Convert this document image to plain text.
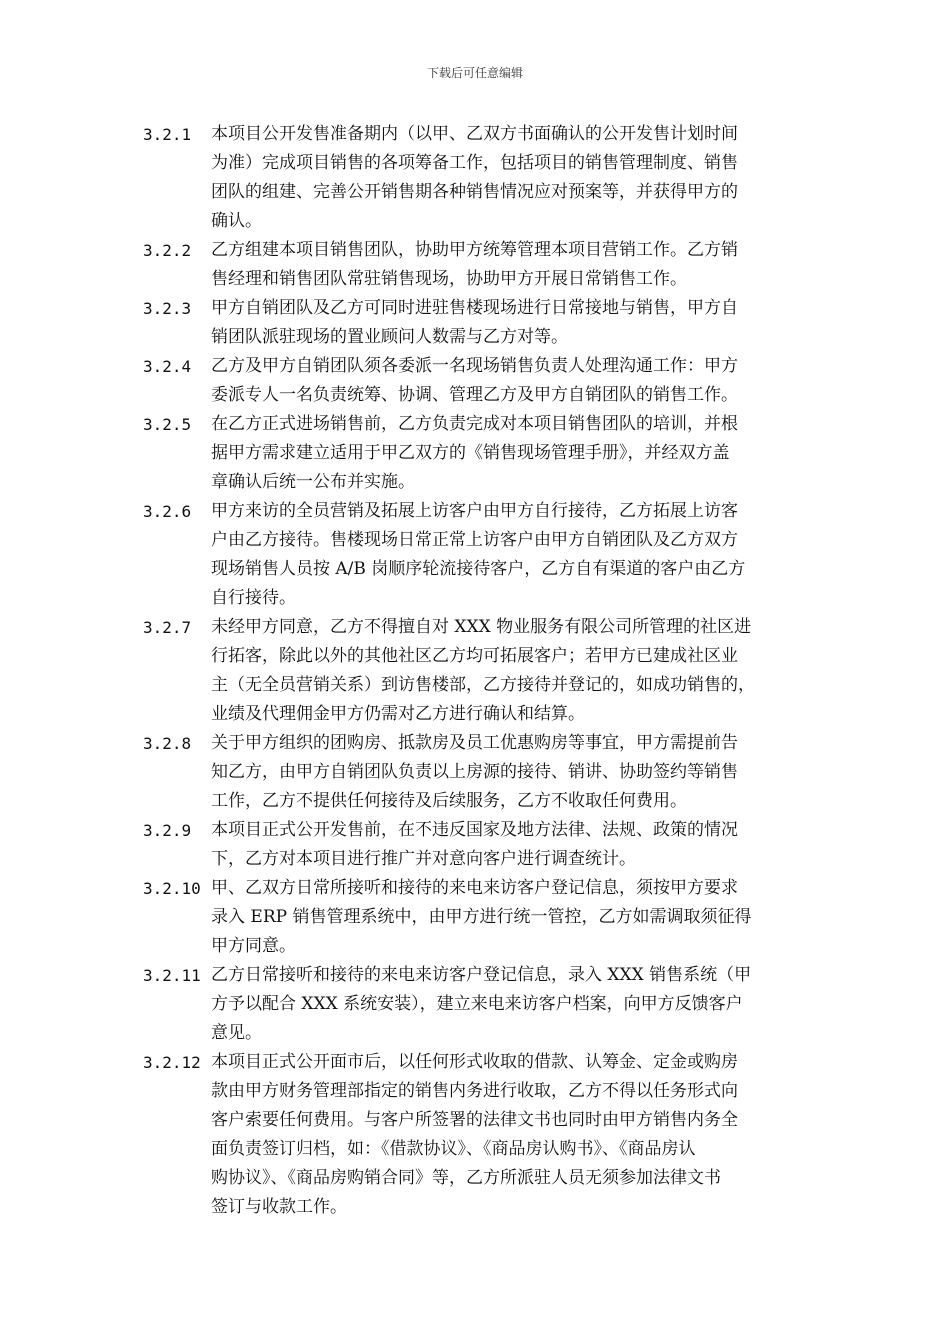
下载后可任意编辑
3.2.1	本项目公开发售准备期内（以甲、乙双方书面确认的公开发售计划时间
为准）完成项目销售的各项筹备工作，包括项目的销售管理制度、销售
团队的组建、完善公开销售期各种销售情况应对预案等，并获得甲方的
确认。
3.2.2	乙方组建本项目销售团队，协助甲方统筹管理本项目营销工作。乙方销
售经理和销售团队常驻销售现场，协助甲方开展日常销售工作。
3.2.3	甲方自销团队及乙方可同时进驻售楼现场进行日常接地与销售，甲方自
销团队派驻现场的置业顾问人数需与乙方对等。
3.2.4	乙方及甲方自销团队须各委派一名现场销售负责人处理沟通工作：甲方
委派专人一名负责统筹、协调、管理乙方及甲方自销团队的销售工作。
3.2.5	在乙方正式进场销售前，乙方负责完成对本项目销售团队的培训，并根
据甲方需求建立适用于甲乙双方的《销售现场管理手册》，并经双方盖
章确认后统一公布并实施。
3.2.6	甲方来访的全员营销及拓展上访客户由甲方自行接待，乙方拓展上访客
户由乙方接待。售楼现场日常正常上访客户由甲方自销团队及乙方双方
现场销售人员按 A/B 岗顺序轮流接待客户，乙方自有渠道的客户由乙方
自行接待。
3.2.7	未经甲方同意，乙方不得擅自对 XXX 物业服务有限公司所管理的社区进
行拓客，除此以外的其他社区乙方均可拓展客户；若甲方已建成社区业
主（无全员营销关系）到访售楼部，乙方接待并登记的，如成功销售的，
业绩及代理佣金甲方仍需对乙方进行确认和结算。
3.2.8	关于甲方组织的团购房、抵款房及员工优惠购房等事宜，甲方需提前告
知乙方，由甲方自销团队负责以上房源的接待、销讲、协助签约等销售
工作，乙方不提供任何接待及后续服务，乙方不收取任何费用。
3.2.9	本项目正式公开发售前，在不违反国家及地方法律、法规、政策的情况
下，乙方对本项目进行推广并对意向客户进行调查统计。
3.2.10 甲、乙双方日常所接听和接待的来电来访客户登记信息，须按甲方要求
录入 ERP 销售管理系统中，由甲方进行统一管控，乙方如需调取须征得
甲方同意。
3.2.11 乙方日常接听和接待的来电来访客户登记信息，录入 XXX 销售系统（甲
方予以配合 XXX 系统安装），建立来电来访客户档案，向甲方反馈客户
意见。
3.2.12 本项目正式公开面市后，以任何形式收取的借款、认筹金、定金或购房
款由甲方财务管理部指定的销售内务进行收取，乙方不得以任务形式向
客户索要任何费用。与客户所签署的法律文书也同时由甲方销售内务全
面负责签订归档，如：《借款协议》、《商品房认购书》、《商品房认
购协议》、《商品房购销合同》等，乙方所派驻人员无须参加法律文书
签订与收款工作。
